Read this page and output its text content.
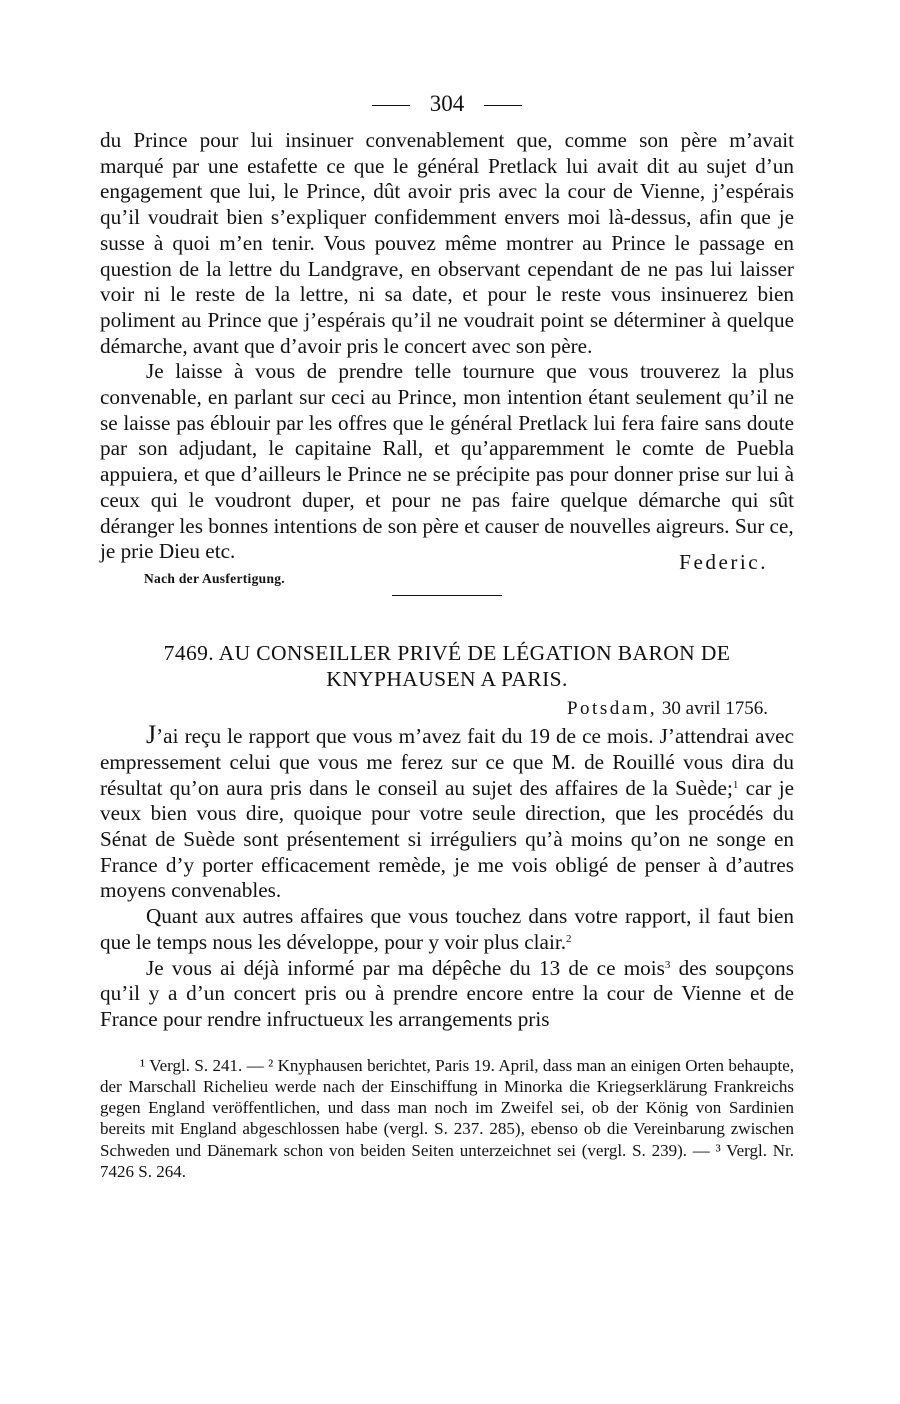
304

du Prince pour lui insinuer convenablement que, comme son père m’avait marqué par une estafette ce que le général Pretlack lui avait dit au sujet d’un engagement que lui, le Prince, dût avoir pris avec la cour de Vienne, j’espérais qu’il voudrait bien s’expliquer confidemment envers moi là-dessus, afin que je susse à quoi m’en tenir. Vous pouvez même montrer au Prince le passage en question de la lettre du Landgrave, en observant cependant de ne pas lui laisser voir ni le reste de la lettre, ni sa date, et pour le reste vous insinuerez bien poliment au Prince que j’espérais qu’il ne voudrait point se déterminer à quelque démarche, avant que d’avoir pris le concert avec son père.

Je laisse à vous de prendre telle tournure que vous trouverez la plus convenable, en parlant sur ceci au Prince, mon intention étant seulement qu’il ne se laisse pas éblouir par les offres que le général Pretlack lui fera faire sans doute par son adjudant, le capitaine Rall, et qu’apparemment le comte de Puebla appuiera, et que d’ailleurs le Prince ne se précipite pas pour donner prise sur lui à ceux qui le voudront duper, et pour ne pas faire quelque démarche qui sût déranger les bonnes intentions de son père et causer de nouvelles aigreurs. Sur ce,

je prie Dieu etc.	Federic.
Nach der Ausfertigung.
7469. AU CONSEILLER PRIVÉ DE LÉGATION BARON DE
KNYPHAUSEN A PARIS.
Potsdam, 30 avril 1756.

J’ai reçu le rapport que vous m’avez fait du 19 de ce mois. J’attendrai avec empressement celui que vous me ferez sur ce que M. de Rouillé vous dira du résultat qu’on aura pris dans le conseil au sujet des affaires de la Suède;$^1$ car je veux bien vous dire, quoique pour votre seule direction, que les procédés du Sénat de Suède sont présentement si irréguliers qu’à moins qu’on ne songe en France d’y porter efficacement remède, je me vois obligé de penser à d’autres moyens convenables.

Quant aux autres affaires que vous touchez dans votre rapport, il faut bien que le temps nous les développe, pour y voir plus clair.$^2$

Je vous ai déjà informé par ma dépêche du 13 de ce mois$^3$ des soupçons qu’il y a d’un concert pris ou à prendre encore entre la cour de Vienne et de France pour rendre infructueux les arrangements pris

¹ Vergl. S. 241. — ² Knyphausen berichtet, Paris 19. April, dass man an einigen Orten behaupte, der Marschall Richelieu werde nach der Einschiffung in Minorka die Kriegserklärung Frankreichs gegen England veröffentlichen, und dass man noch im Zweifel sei, ob der König von Sardinien bereits mit England abgeschlossen habe (vergl. S. 237. 285), ebenso ob die Vereinbarung zwischen Schweden und Dänemark schon von beiden Seiten unterzeichnet sei (vergl. S. 239). — ³ Vergl. Nr. 7426 S. 264.
